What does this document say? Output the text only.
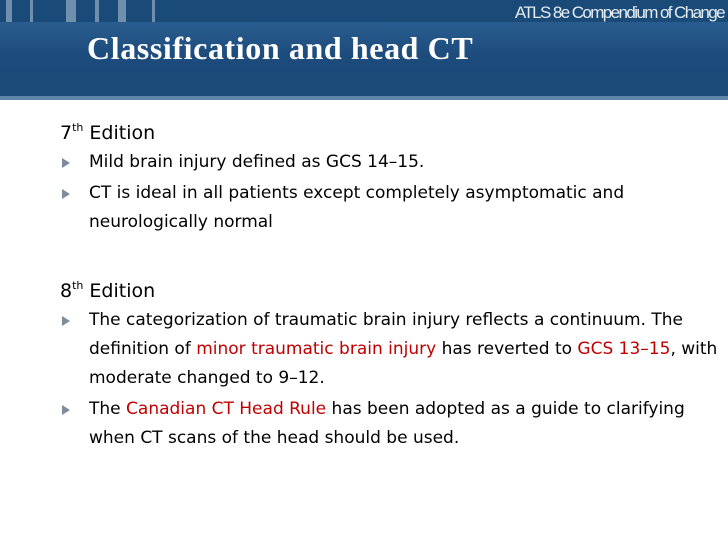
ATLS 8e Compendium of Change
Classification and head CT

7th Edition

Mild brain injury defined as GCS 14–15.

CT is ideal in all patients except completely asymptomatic and neurologically normal

8th Edition

The categorization of traumatic brain injury reflects a continuum. The definition of minor traumatic brain injury has reverted to GCS 13–15, with moderate changed to 9–12.

The Canadian CT Head Rule has been adopted as a guide to clarifying when CT scans of the head should be used.
